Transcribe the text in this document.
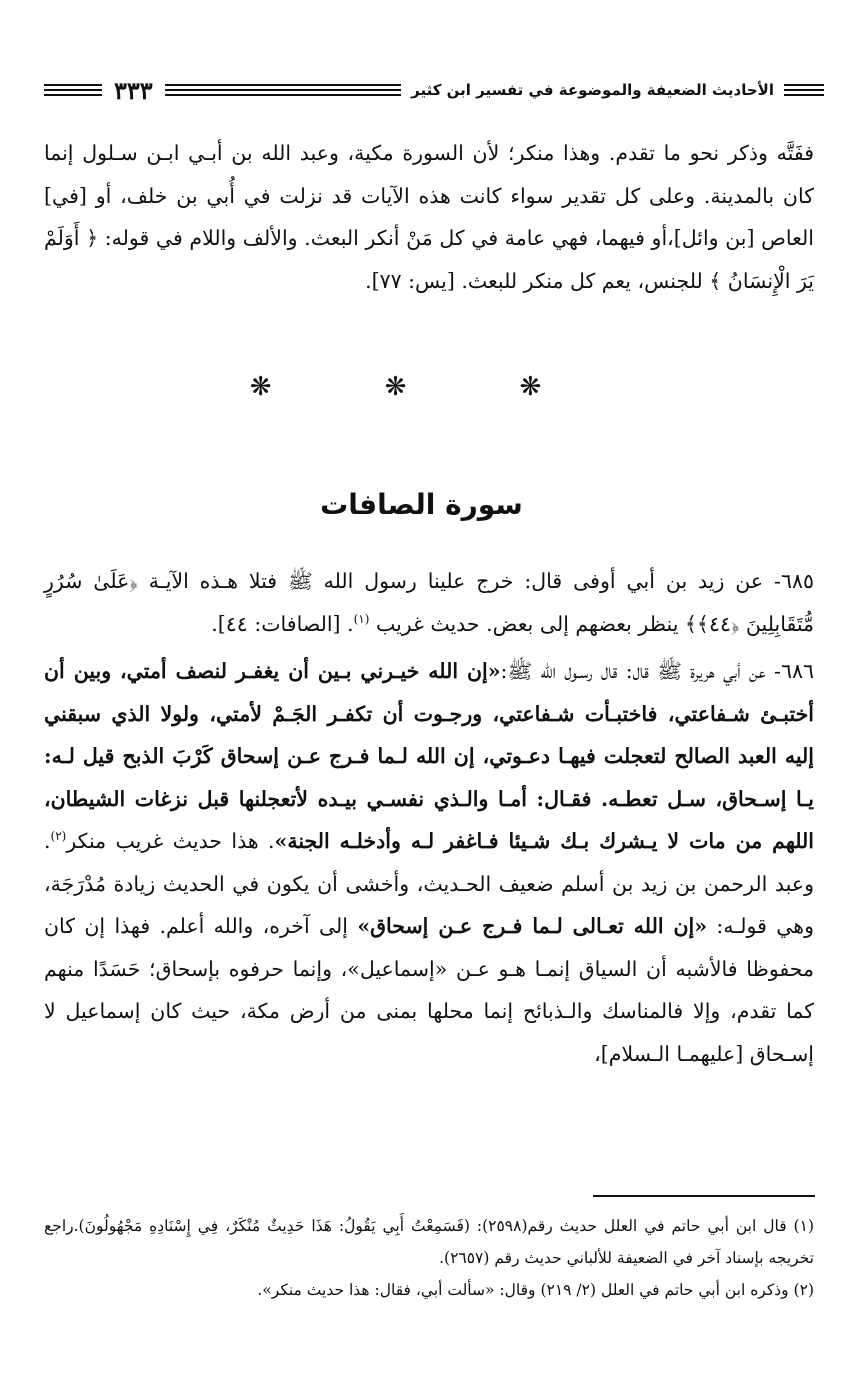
الأحاديث الضعيفة والموضوعة في تفسير ابن كثير
٣٣٣

ففَتَّه وذكر نحو ما تقدم. وهذا منكر؛ لأن السورة مكية، وعبد الله بن أبـي ابـن سـلول إنما كان بالمدينة. وعلى كل تقدير سواء كانت هذه الآيات قد نزلت في أُبي بن خلف، أو [في] العاص [بن وائل]،أو فيهما، فهي عامة في كل مَنْ أنكر البعث. والألف واللام في قوله: ﴿ أَوَلَمْ يَرَ الْإِنسَانُ ﴾ للجنس، يعم كل منكر للبعث. [يس: ٧٧].

❋ ❋ ❋
سورة الصافات

٦٨٥- عن زيد بن أبي أوفى قال: خرج علينا رسول الله ﷺ فتلا هـذه الآيـة ﴿عَلَىٰ سُرُرٍ مُّتَقَابِلِينَ ﴿٤٤﴾﴾ ينظر بعضهم إلى بعض. حديث غريب $^{(١)}$. [الصافات: ٤٤].

٦٨٦- عن أبي هريرة ﷺ قال: قال رسـول الله ﷺ:«إن الله خيـرني بـين أن يغفـر لنصف أمتي، وبين أن أختبـئ شـفاعتي، فاختبـأت شـفاعتي، ورجـوت أن تكفـر الجَـمْ لأمتي، ولولا الذي سبقني إليه العبد الصالح لتعجلت فيهـا دعـوتي، إن الله لـما فـرج عـن إسحاق كَرْبَ الذبح قيل لـه: يـا إسـحاق، سـل تعطـه. فقـال: أمـا والـذي نفسـي بيـده لأتعجلنها قبل نزغات الشيطان، اللهم من مات لا يـشرك بـك شـيئا فـاغفر لـه وأدخلـه الجنة». هذا حديث غريب منكر$^{(٢)}$. وعبد الرحمن بن زيد بن أسلم ضعيف الحـديث، وأخشى أن يكون في الحديث زيادة مُدْرَجَة، وهي قولـه: «إن الله تعـالى لـما فـرج عـن إسحاق» إلى آخره، والله أعلم. فهذا إن كان محفوظا فالأشبه أن السياق إنمـا هـو عـن «إسماعيل»، وإنما حرفوه بإسحاق؛ حَسَدًا منهم كما تقدم، وإلا فالمناسك والـذبائح إنما محلها بمنى من أرض مكة، حيث كان إسماعيل لا إسـحاق [عليهمـا الـسلام]،

(١) قال ابن أبي حاتم في العلل حديث رقم(٢٥٩٨): (فَسَمِعْتُ أَبِي يَقُولُ: هَذَا حَدِيثٌ مُنْكَرٌ، فِي إِسْنَادِهِ مَجْهُولُونَ).راجع تخريجه بإسناد آخر في الضعيفة للألباني حديث رقم (٢٦٥٧).

(٢) وذكره ابن أبي حاتم في العلل (٢/ ٢١٩) وقال: «سألت أبي، فقال: هذا حديث منكر».
